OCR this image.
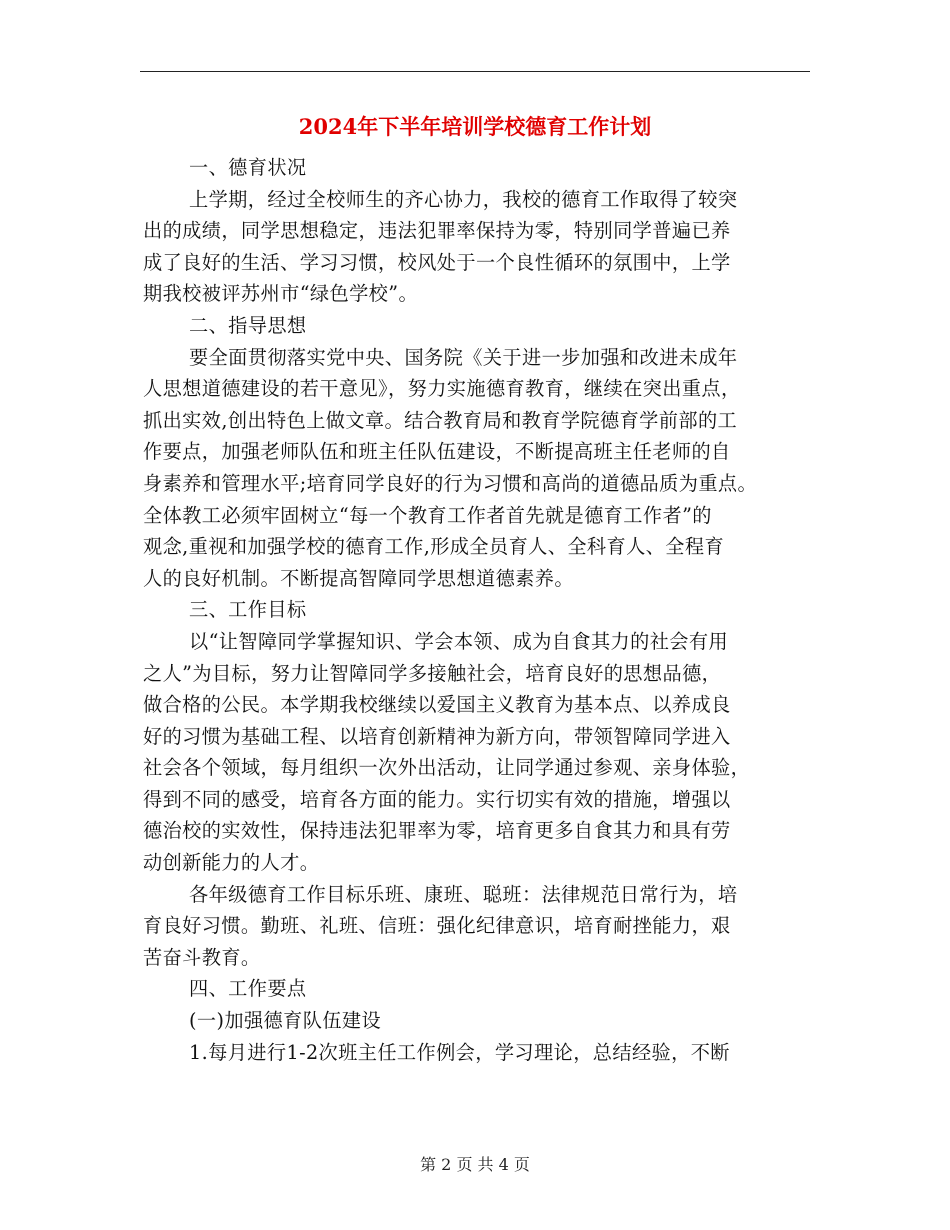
2024年下半年培训学校德育工作计划
一、德育状况
上学期，经过全校师生的齐心协力，我校的德育工作取得了较突
出的成绩，同学思想稳定，违法犯罪率保持为零，特别同学普遍已养
成了良好的生活、学习习惯，校风处于一个良性循环的氛围中，上学
期我校被评苏州市“绿色学校”。
二、指导思想
要全面贯彻落实党中央、国务院《关于进一步加强和改进未成年
人思想道德建设的若干意见》，努力实施德育教育，继续在突出重点，
抓出实效,创出特色上做文章。结合教育局和教育学院德育学前部的工
作要点，加强老师队伍和班主任队伍建设，不断提高班主任老师的自
身素养和管理水平;培育同学良好的行为习惯和高尚的道德品质为重点。
全体教工必须牢固树立“每一个教育工作者首先就是德育工作者”的
观念,重视和加强学校的德育工作,形成全员育人、全科育人、全程育
人的良好机制。不断提高智障同学思想道德素养。
三、工作目标
以“让智障同学掌握知识、学会本领、成为自食其力的社会有用
之人”为目标，努力让智障同学多接触社会，培育良好的思想品德，
做合格的公民。本学期我校继续以爱国主义教育为基本点、以养成良
好的习惯为基础工程、以培育创新精神为新方向，带领智障同学进入
社会各个领域，每月组织一次外出活动，让同学通过参观、亲身体验，
得到不同的感受，培育各方面的能力。实行切实有效的措施，增强以
德治校的实效性，保持违法犯罪率为零，培育更多自食其力和具有劳
动创新能力的人才。
各年级德育工作目标乐班、康班、聪班：法律规范日常行为，培
育良好习惯。勤班、礼班、信班：强化纪律意识，培育耐挫能力，艰
苦奋斗教育。
四、工作要点
(一)加强德育队伍建设
1.每月进行1-2次班主任工作例会，学习理论，总结经验，不断
第 2 页 共 4 页
